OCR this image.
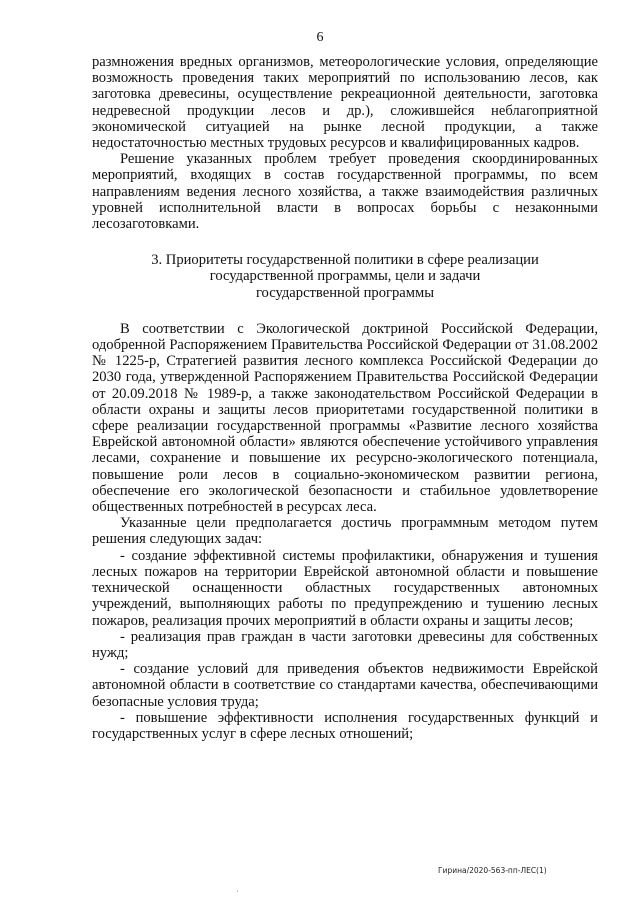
6

размножения вредных организмов, метеорологические условия, определяющие возможность проведения таких мероприятий по использованию лесов, как заготовка древесины, осуществление рекреационной деятельности, заготовка недревесной продукции лесов и др.), сложившейся неблагоприятной экономической ситуацией на рынке лесной продукции, а также недостаточностью местных трудовых ресурсов и квалифицированных кадров.

Решение указанных проблем требует проведения скоординированных мероприятий, входящих в состав государственной программы, по всем направлениям ведения лесного хозяйства, а также взаимодействия различных уровней исполнительной власти в вопросах борьбы с незаконными лесозаготовками.

3. Приоритеты государственной политики в сфере реализации
государственной программы, цели и задачи
государственной программы

В соответствии с Экологической доктриной Российской Федерации, одобренной Распоряжением Правительства Российской Федерации от 31.08.2002 № 1225-р, Стратегией развития лесного комплекса Российской Федерации до 2030 года, утвержденной Распоряжением Правительства Российской Федерации от 20.09.2018 № 1989-р, а также законодательством Российской Федерации в области охраны и защиты лесов приоритетами государственной политики в сфере реализации государственной программы «Развитие лесного хозяйства Еврейской автономной области» являются обеспечение устойчивого управления лесами, сохранение и повышение их ресурсно-экологического потенциала, повышение роли лесов в социально-экономическом развитии региона, обеспечение его экологической безопасности и стабильное удовлетворение общественных потребностей в ресурсах леса.

Указанные цели предполагается достичь программным методом путем решения следующих задач:

- создание эффективной системы профилактики, обнаружения и тушения лесных пожаров на территории Еврейской автономной области и повышение технической оснащенности областных государственных автономных учреждений, выполняющих работы по предупреждению и тушению лесных пожаров, реализация прочих мероприятий в области охраны и защиты лесов;

- реализация прав граждан в части заготовки древесины для собственных нужд;

- создание условий для приведения объектов недвижимости Еврейской автономной области в соответствие со стандартами качества, обеспечивающими безопасные условия труда;

- повышение эффективности исполнения государственных функций и государственных услуг в сфере лесных отношений;

Гирина/2020-563-пп-ЛЕС(1)
·
